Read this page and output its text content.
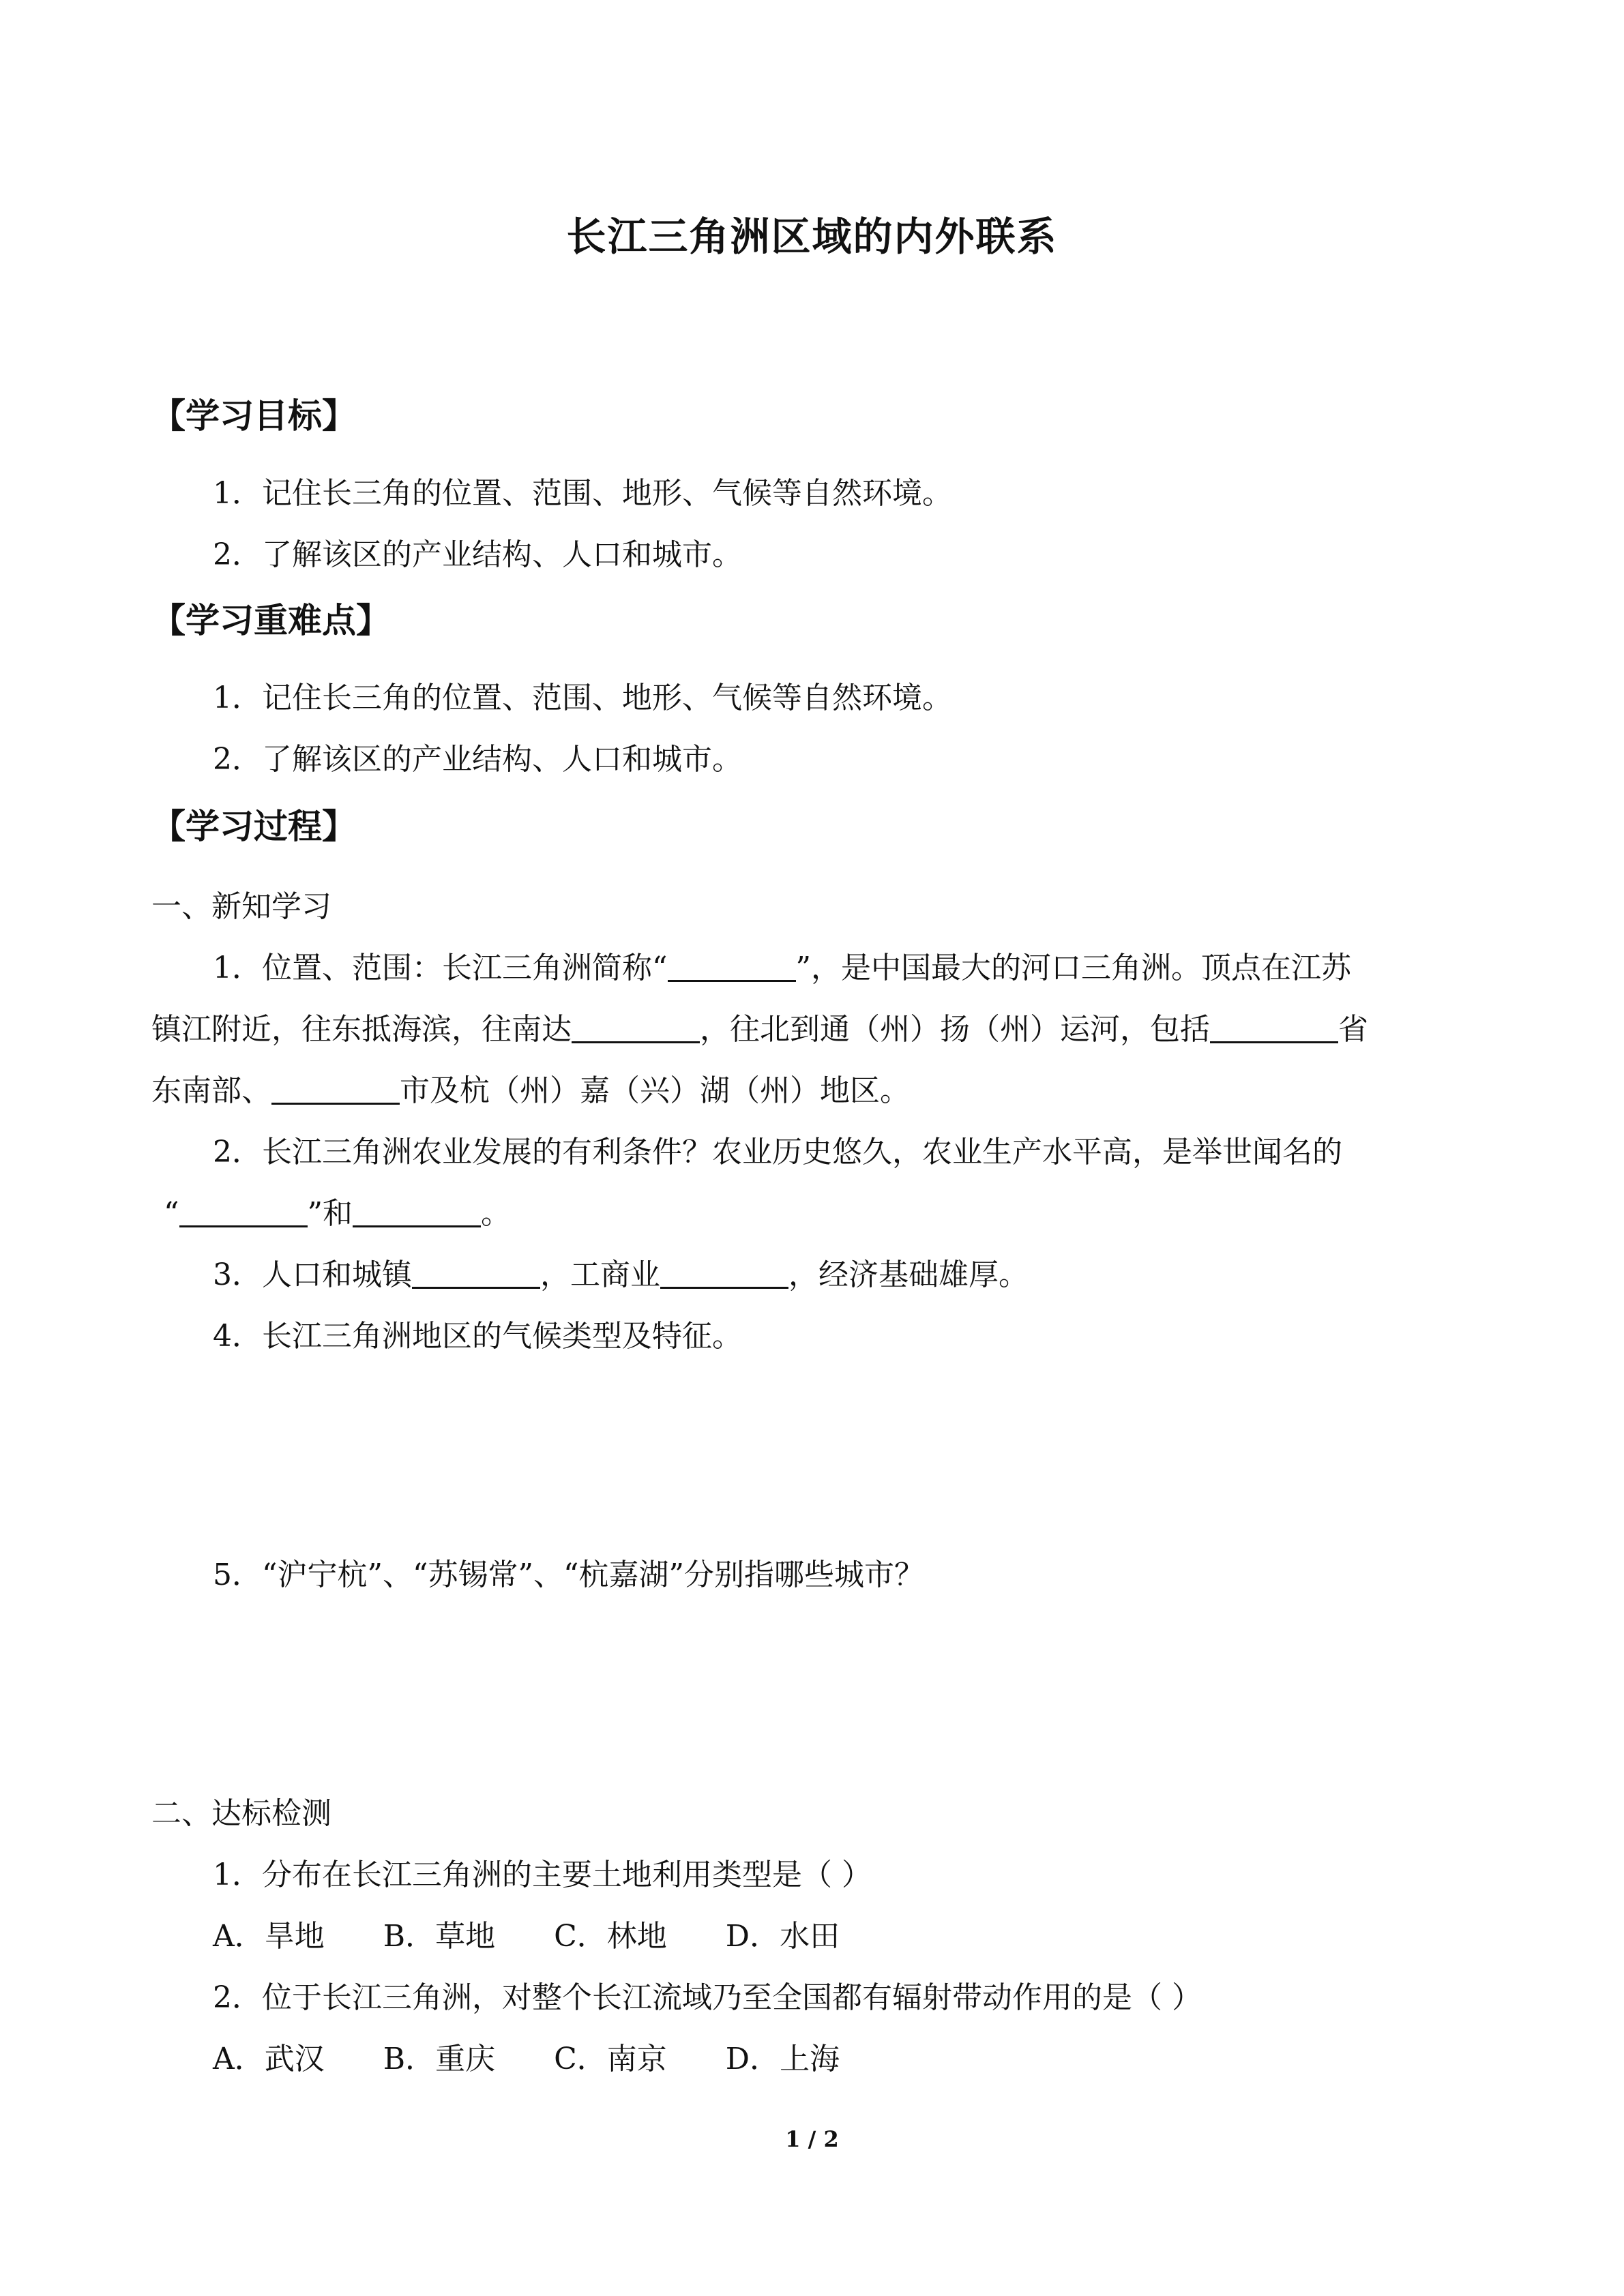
长江三角洲区域的内外联系
【学习目标】
1．记住长三角的位置、范围、地形、气候等自然环境。
2．了解该区的产业结构、人口和城市。
【学习重难点】
1．记住长三角的位置、范围、地形、气候等自然环境。
2．了解该区的产业结构、人口和城市。
【学习过程】
一、新知学习
1．位置、范围：长江三角洲简称“	”，是中国最大的河口三角洲。顶点在江苏
镇江附近，往东抵海滨，往南达	，往北到通（州）扬（州）运河，包括	省
东南部、	市及杭（州）嘉（兴）湖（州）地区。
2．长江三角洲农业发展的有利条件？农业历史悠久，农业生产水平高，是举世闻名的
“	”和	。
3．人口和城镇	，工商业	，经济基础雄厚。
4．长江三角洲地区的气候类型及特征。
5．“沪宁杭”、“苏锡常”、“杭嘉湖”分别指哪些城市？
二、达标检测
1．分布在长江三角洲的主要土地利用类型是（ ）
A．旱地 B．草地 C．林地 D．水田
2．位于长江三角洲，对整个长江流域乃至全国都有辐射带动作用的是（ ）
A．武汉 B．重庆 C．南京 D．上海
1 / 2
